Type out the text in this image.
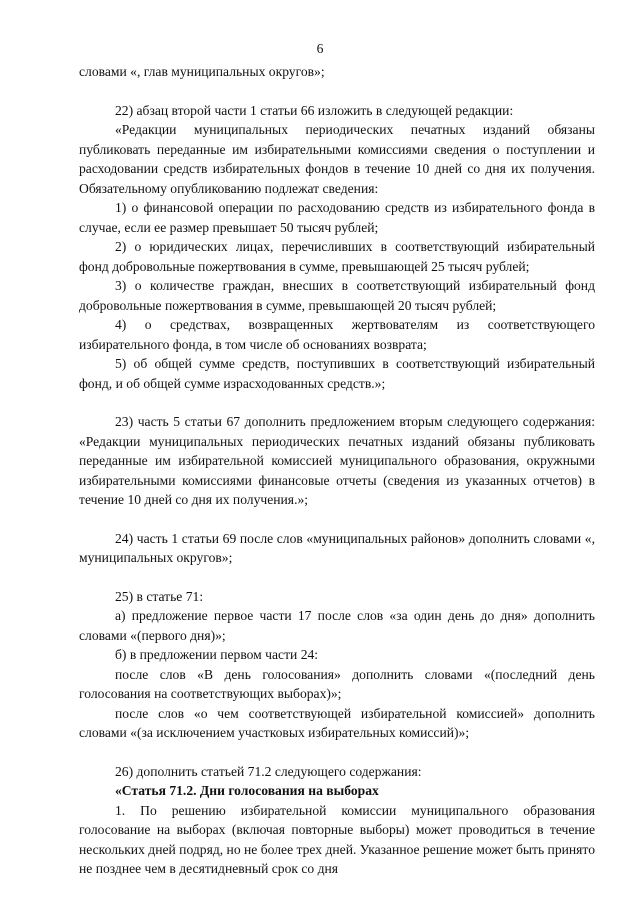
6

словами «, глав муниципальных округов»;

22) абзац второй части 1 статьи 66 изложить в следующей редакции:

«Редакции муниципальных периодических печатных изданий обязаны публиковать переданные им избирательными комиссиями сведения о поступлении и расходовании средств избирательных фондов в течение 10 дней со дня их получения. Обязательному опубликованию подлежат сведения:

1) о финансовой операции по расходованию средств из избирательного фонда в случае, если ее размер превышает 50 тысяч рублей;

2) о юридических лицах, перечисливших в соответствующий избирательный фонд добровольные пожертвования в сумме, превышающей 25 тысяч рублей;

3) о количестве граждан, внесших в соответствующий избирательный фонд добровольные пожертвования в сумме, превышающей 20 тысяч рублей;

4) о средствах, возвращенных жертвователям из соответствующего избирательного фонда, в том числе об основаниях возврата;

5) об общей сумме средств, поступивших в соответствующий избирательный фонд, и об общей сумме израсходованных средств.»;

23) часть 5 статьи 67 дополнить предложением вторым следующего содержания: «Редакции муниципальных периодических печатных изданий обязаны публиковать переданные им избирательной комиссией муниципального образования, окружными избирательными комиссиями финансовые отчеты (сведения из указанных отчетов) в течение 10 дней со дня их получения.»;

24) часть 1 статьи 69 после слов «муниципальных районов» дополнить словами «, муниципальных округов»;

25) в статье 71:

а) предложение первое части 17 после слов «за один день до дня» дополнить словами «(первого дня)»;

б) в предложении первом части 24:

после слов «В день голосования» дополнить словами «(последний день голосования на соответствующих выборах)»;

после слов «о чем соответствующей избирательной комиссией» дополнить словами «(за исключением участковых избирательных комиссий)»;

26) дополнить статьей 71.2 следующего содержания:

«Статья 71.2. Дни голосования на выборах

1. По решению избирательной комиссии муниципального образования голосование на выборах (включая повторные выборы) может проводиться в течение нескольких дней подряд, но не более трех дней. Указанное решение может быть принято не позднее чем в десятидневный срок со дня
